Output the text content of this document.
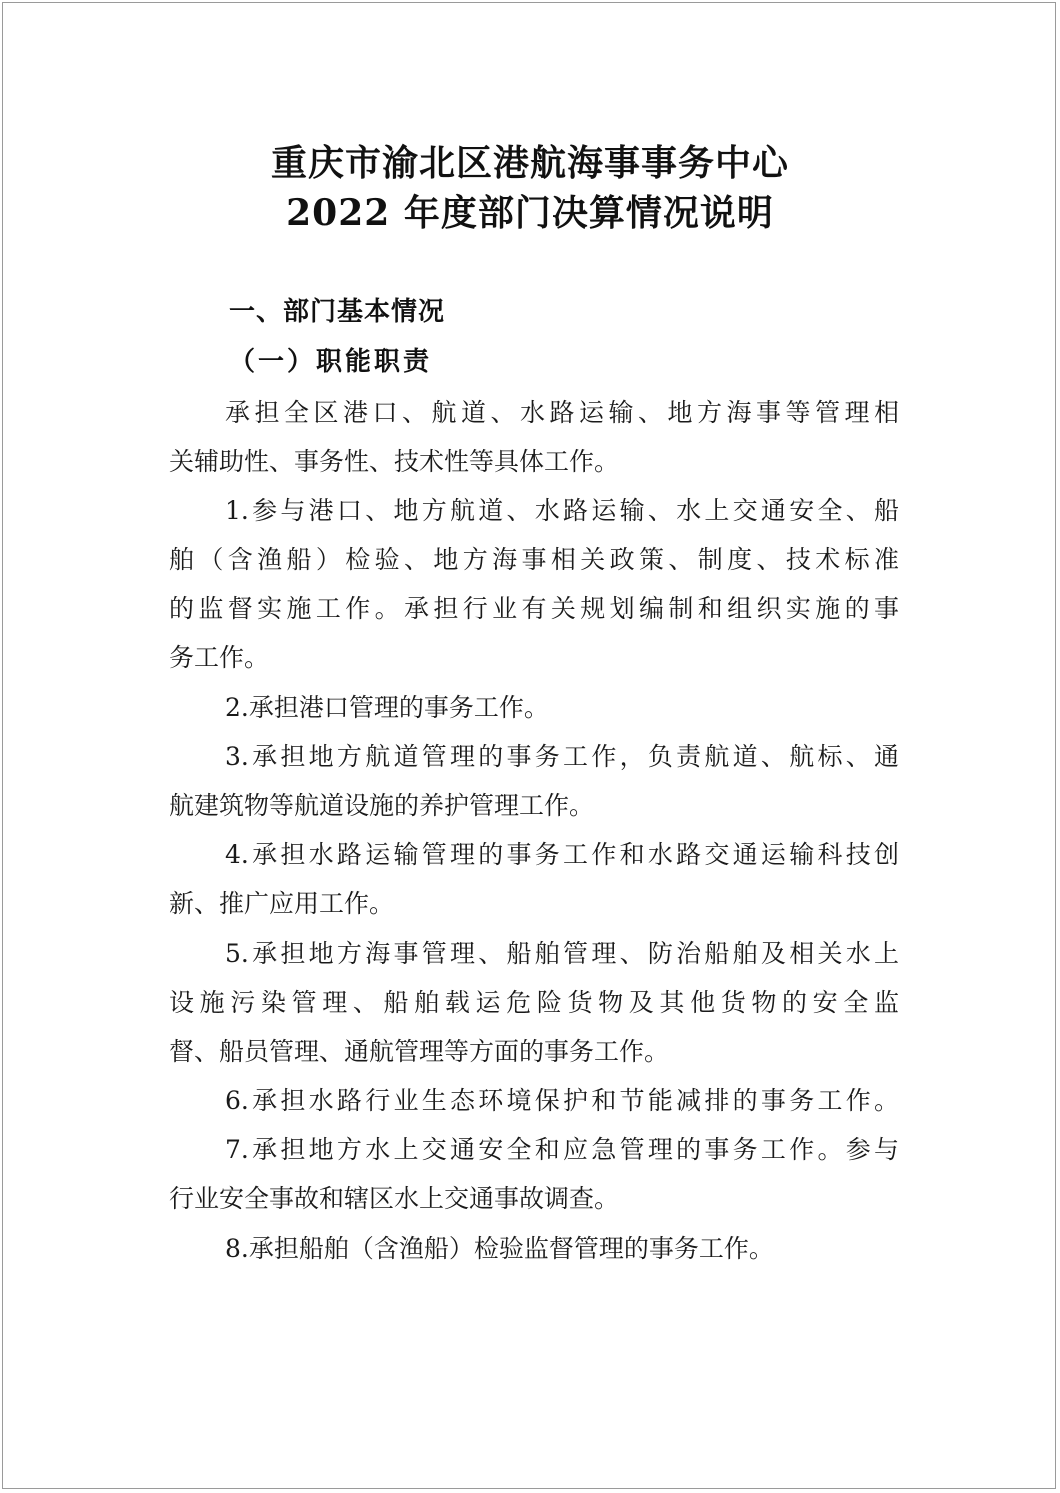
重庆市渝北区港航海事事务中心
2022 年度部门决算情况说明
一、部门基本情况
（一）职能职责
承担全区港口、航道、水路运输、地方海事等管理相
关辅助性、事务性、技术性等具体工作。
1.参与港口、地方航道、水路运输、水上交通安全、船
舶（含渔船）检验、地方海事相关政策、制度、技术标准
的监督实施工作。承担行业有关规划编制和组织实施的事
务工作。
2.承担港口管理的事务工作。
3.承担地方航道管理的事务工作，负责航道、航标、通
航建筑物等航道设施的养护管理工作。
4.承担水路运输管理的事务工作和水路交通运输科技创
新、推广应用工作。
5.承担地方海事管理、船舶管理、防治船舶及相关水上
设施污染管理、船舶载运危险货物及其他货物的安全监
督、船员管理、通航管理等方面的事务工作。
6.承担水路行业生态环境保护和节能减排的事务工作。
7.承担地方水上交通安全和应急管理的事务工作。参与
行业安全事故和辖区水上交通事故调查。
8.承担船舶（含渔船）检验监督管理的事务工作。
